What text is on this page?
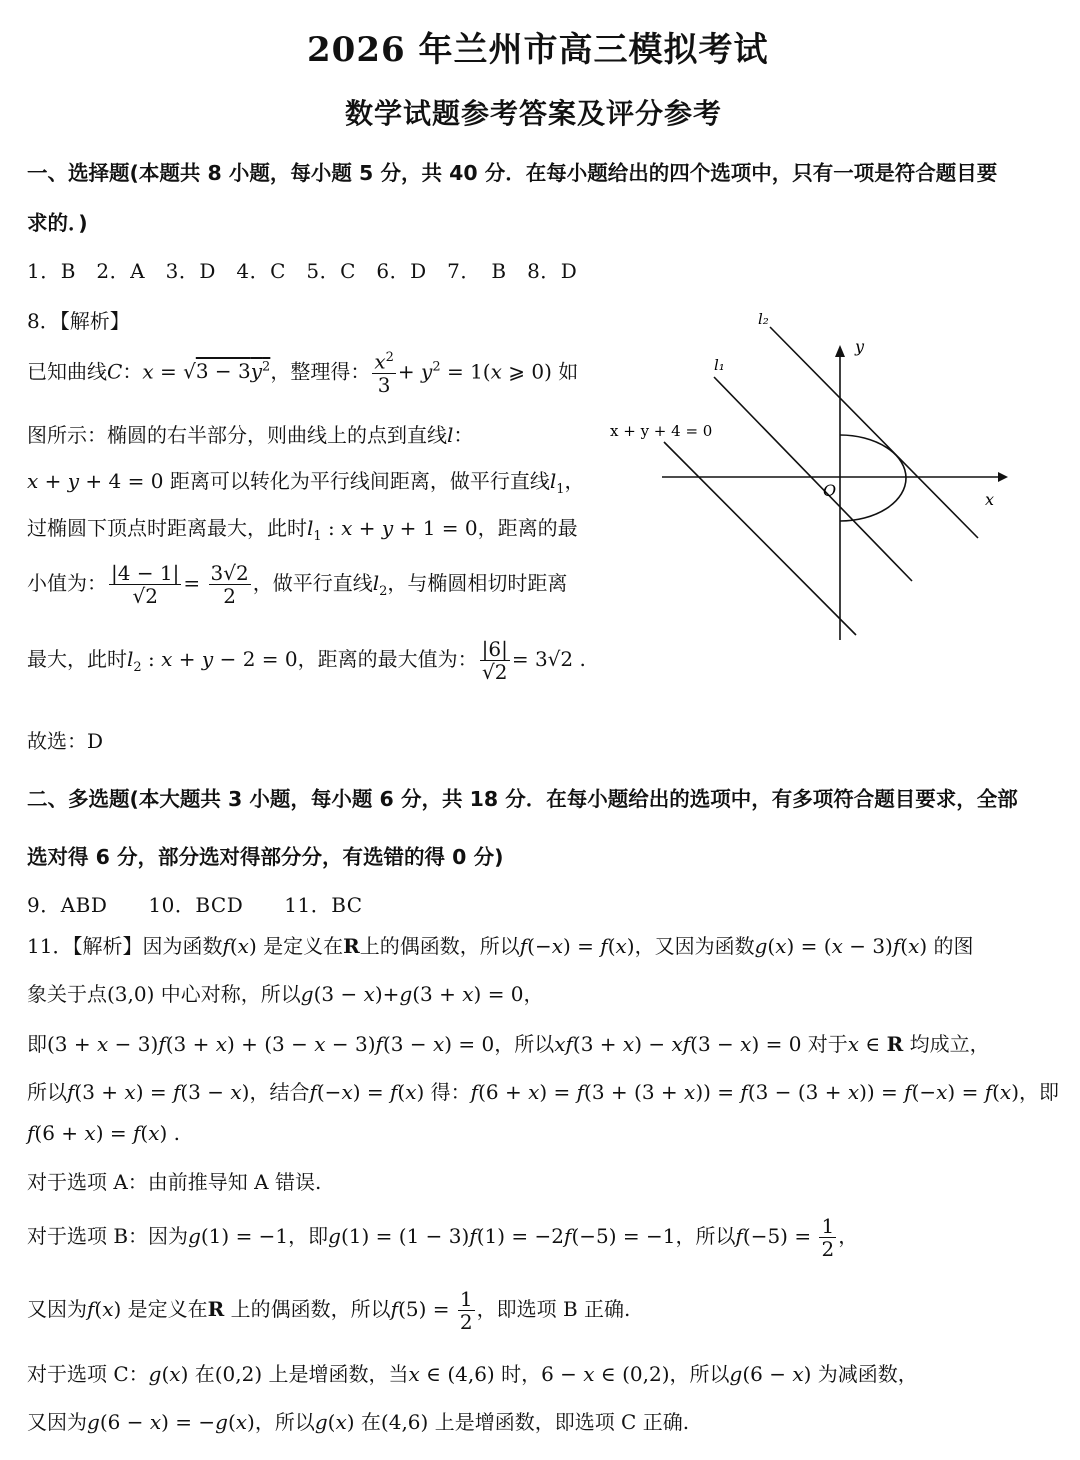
2026 年兰州市高三模拟考试
数学试题参考答案及评分参考
一、选择题(本题共 8 小题，每小题 5 分，共 40 分．在每小题给出的四个选项中，只有一项是符合题目要
求的．)
1．B　2．A　3．D　4．C　5．C　6．D　7．　B　8．D
8．【解析】
已知曲线C：$x = √3 - 3y^2$，整理得： $\frac{x^2}{3} + y^2 = 1(x$ ⩾ 0) 如
图所示：椭圆的右半部分，则曲线上的点到直线l：
x + y + 4 = 0 距离可以转化为平行线间距离，做平行直线$l_1$，
过椭圆下顶点时距离最大，此时$l_1$ : x + y + 1 = 0，距离的最
小值为： $\frac{|4 - 1|}{√2} = \frac{3√2}{2}$ ，做平行直线$l_2$，与椭圆相切时距离
最大，此时$l_2$ : x + y − 2 = 0，距离的最大值为： $\frac{|6|}{√2} = 3√2$ .
故选：D
l₂
l₁
y
x
O
x + y + 4 = 0
二、多选题(本大题共 3 小题，每小题 6 分，共 18 分．在每小题给出的选项中，有多项符合题目要求，全部
选对得 6 分，部分选对得部分分，有选错的得 0 分)
9．ABD　　10．BCD　　11．BC
11．【解析】因为函数f(x) 是定义在R上的偶函数，所以f(−x) = f(x)，又因为函数g(x) = (x − 3)f(x) 的图
象关于点(3,0) 中心对称，所以g(3 − x)+g(3 + x) = 0，
即(3 + x − 3)f(3 + x) + (3 − x − 3)f(3 − x) = 0，所以xf(3 + x) − xf(3 − x) = 0 对于x ∈ R 均成立，
所以f(3 + x) = f(3 − x)，结合f(−x) = f(x) 得：f(6 + x) = f(3 + (3 + x)) = f(3 − (3 + x)) = f(−x) = f(x)，即
f(6 + x) = f(x) .
对于选项 A：由前推导知 A 错误.
对于选项 B：因为g(1) = −1，即g(1) = (1 − 3)f(1) = −2f(−5) = −1，所以$f(-5) = \frac{1}{2}$ ，
又因为f(x) 是定义在R 上的偶函数，所以$f(5) = \frac{1}{2}$ ，即选项 B 正确.
对于选项 C：g(x) 在(0,2) 上是增函数，当x ∈ (4,6) 时，6 − x ∈ (0,2)，所以g(6 − x) 为减函数，
又因为g(6 − x) = −g(x)，所以g(x) 在(4,6) 上是增函数，即选项 C 正确.
